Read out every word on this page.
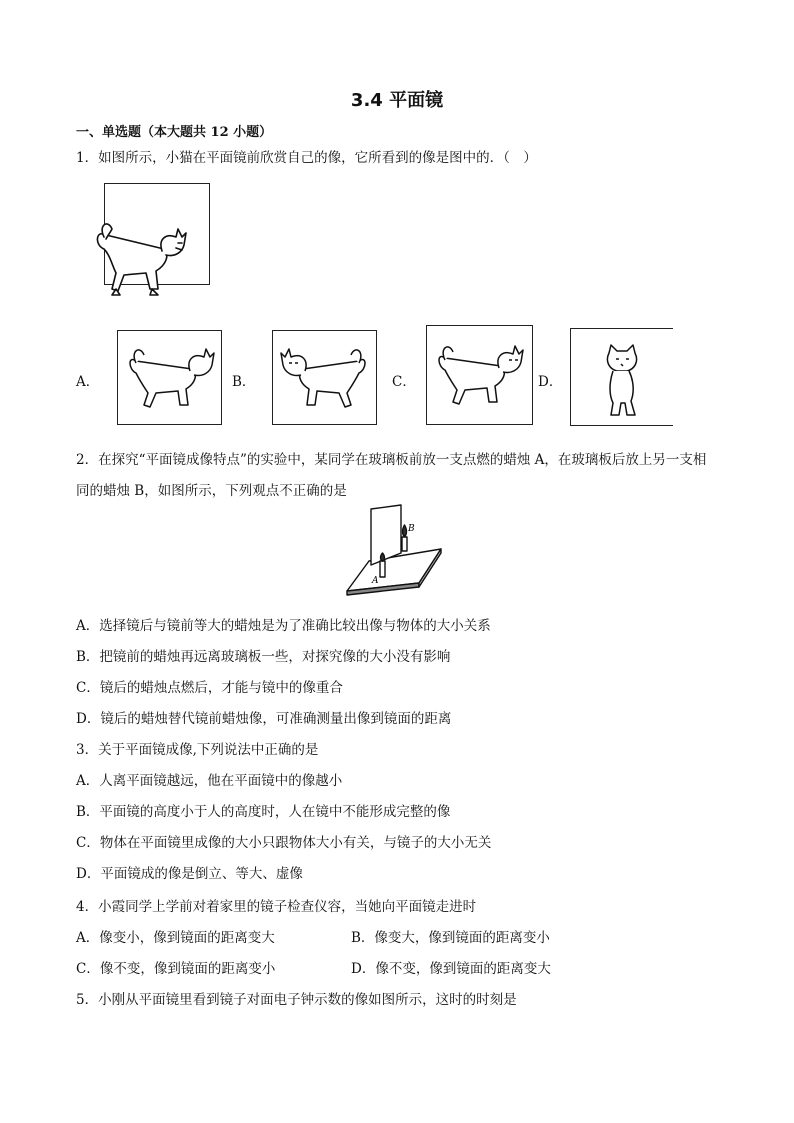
3.4 平面镜
一、单选题（本大题共 12 小题）
1．如图所示，小猫在平面镜前欣赏自己的像，它所看到的像是图中的．（　）
A．	B．	C．	D．
2．在探究“平面镜成像特点”的实验中，某同学在玻璃板前放一支点燃的蜡烛 A，在玻璃板后放上另一支相
同的蜡烛 B，如图所示，下列观点不正确的是
A
B
A．选择镜后与镜前等大的蜡烛是为了准确比较出像与物体的大小关系
B．把镜前的蜡烛再远离玻璃板一些，对探究像的大小没有影响
C．镜后的蜡烛点燃后，才能与镜中的像重合
D．镜后的蜡烛替代镜前蜡烛像，可准确测量出像到镜面的距离
3．关于平面镜成像,下列说法中正确的是
A．人离平面镜越远，他在平面镜中的像越小
B．平面镜的高度小于人的高度时，人在镜中不能形成完整的像
C．物体在平面镜里成像的大小只跟物体大小有关，与镜子的大小无关
D．平面镜成的像是倒立、等大、虚像
4．小霞同学上学前对着家里的镜子检查仪容，当她向平面镜走进时
A．像变小，像到镜面的距离变大	B．像变大，像到镜面的距离变小
C．像不变，像到镜面的距离变小	D．像不变，像到镜面的距离变大
5．小刚从平面镜里看到镜子对面电子钟示数的像如图所示，这时的时刻是
